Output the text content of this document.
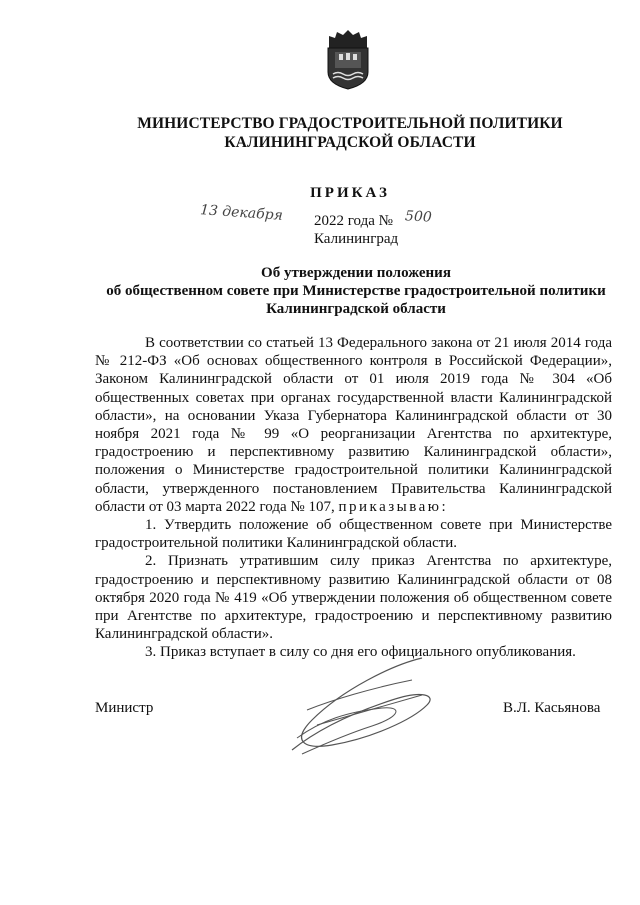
МИНИСТЕРСТВО ГРАДОСТРОИТЕЛЬНОЙ ПОЛИТИКИ
КАЛИНИНГРАДСКОЙ ОБЛАСТИ
ПРИКАЗ
13 декабря 2022 года № 500
Калининград
Об утверждении положения
об общественном совете при Министерстве градостроительной политики
Калининградской области

В соответствии со статьей 13 Федерального закона от 21 июля 2014 года № 212-ФЗ «Об основах общественного контроля в Российской Федерации», Законом Калининградской области от 01 июля 2019 года № 304 «Об общественных советах при органах государственной власти Калининградской области», на основании Указа Губернатора Калининградской области от 30 ноября 2021 года № 99 «О реорганизации Агентства по архитектуре, градостроению и перспективному развитию Калининградской области», положения о Министерстве градостроительной политики Калининградской области, утвержденного постановлением Правительства Калининградской области от 03 марта 2022 года № 107, приказываю:

1. Утвердить положение об общественном совете при Министерстве градостроительной политики Калининградской области.

2. Признать утратившим силу приказ Агентства по архитектуре, градостроению и перспективному развитию Калининградской области от 08 октября 2020 года № 419 «Об утверждении положения об общественном совете при Агентстве по архитектуре, градостроению и перспективному развитию Калининградской области».

3. Приказ вступает в силу со дня его официального опубликования.

Министр	В.Л. Касьянова
